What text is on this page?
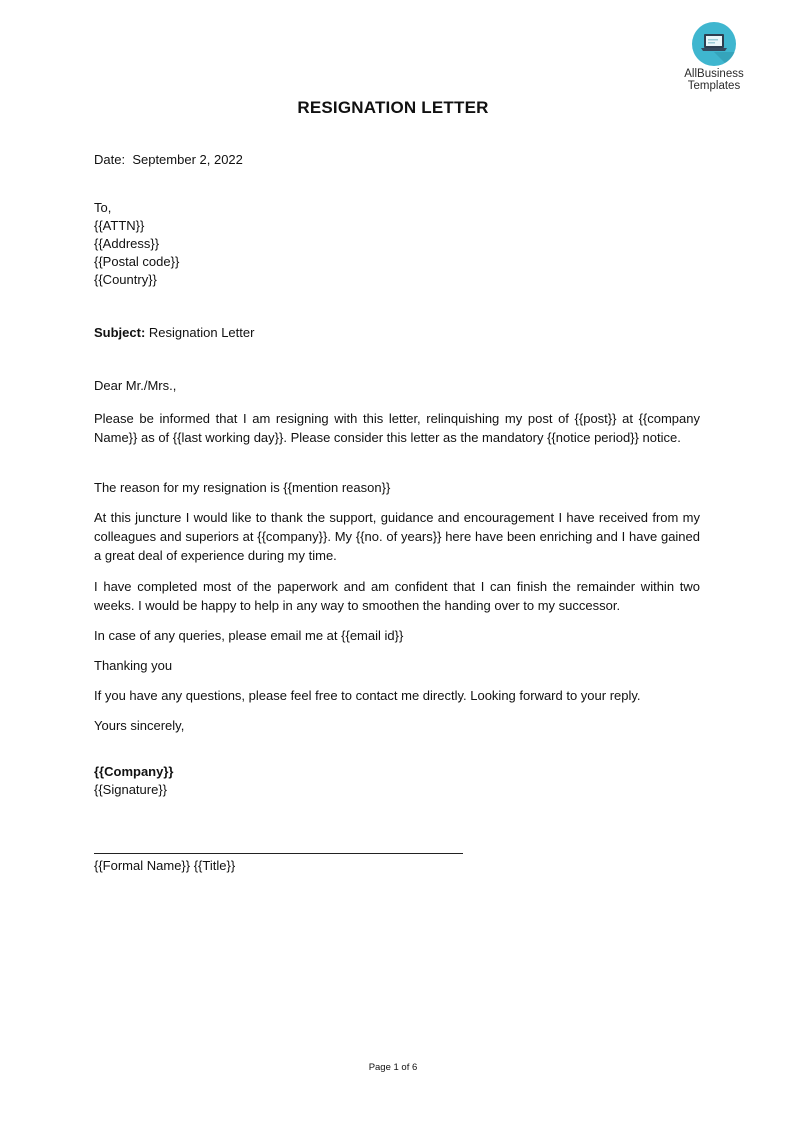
AllBusiness
Templates
RESIGNATION LETTER
Date: September 2, 2022
To,
{{ATTN}}
{{Address}}
{{Postal code}}
{{Country}}
Subject: Resignation Letter
Dear Mr./Mrs.,
Please be informed that I am resigning with this letter, relinquishing my post of {{post}} at {{company Name}} as of {{last working day}}. Please consider this letter as the mandatory {{notice period}} notice.
The reason for my resignation is {{mention reason}}
At this juncture I would like to thank the support, guidance and encouragement I have received from my colleagues and superiors at {{company}}. My {{no. of years}} here have been enriching and I have gained a great deal of experience during my time.
I have completed most of the paperwork and am confident that I can finish the remainder within two weeks. I would be happy to help in any way to smoothen the handing over to my successor.
In case of any queries, please email me at {{email id}}
Thanking you
If you have any questions, please feel free to contact me directly. Looking forward to your reply.
Yours sincerely,
{{Company}}
{{Signature}}
{{Formal Name}} {{Title}}
Page 1 of 6
